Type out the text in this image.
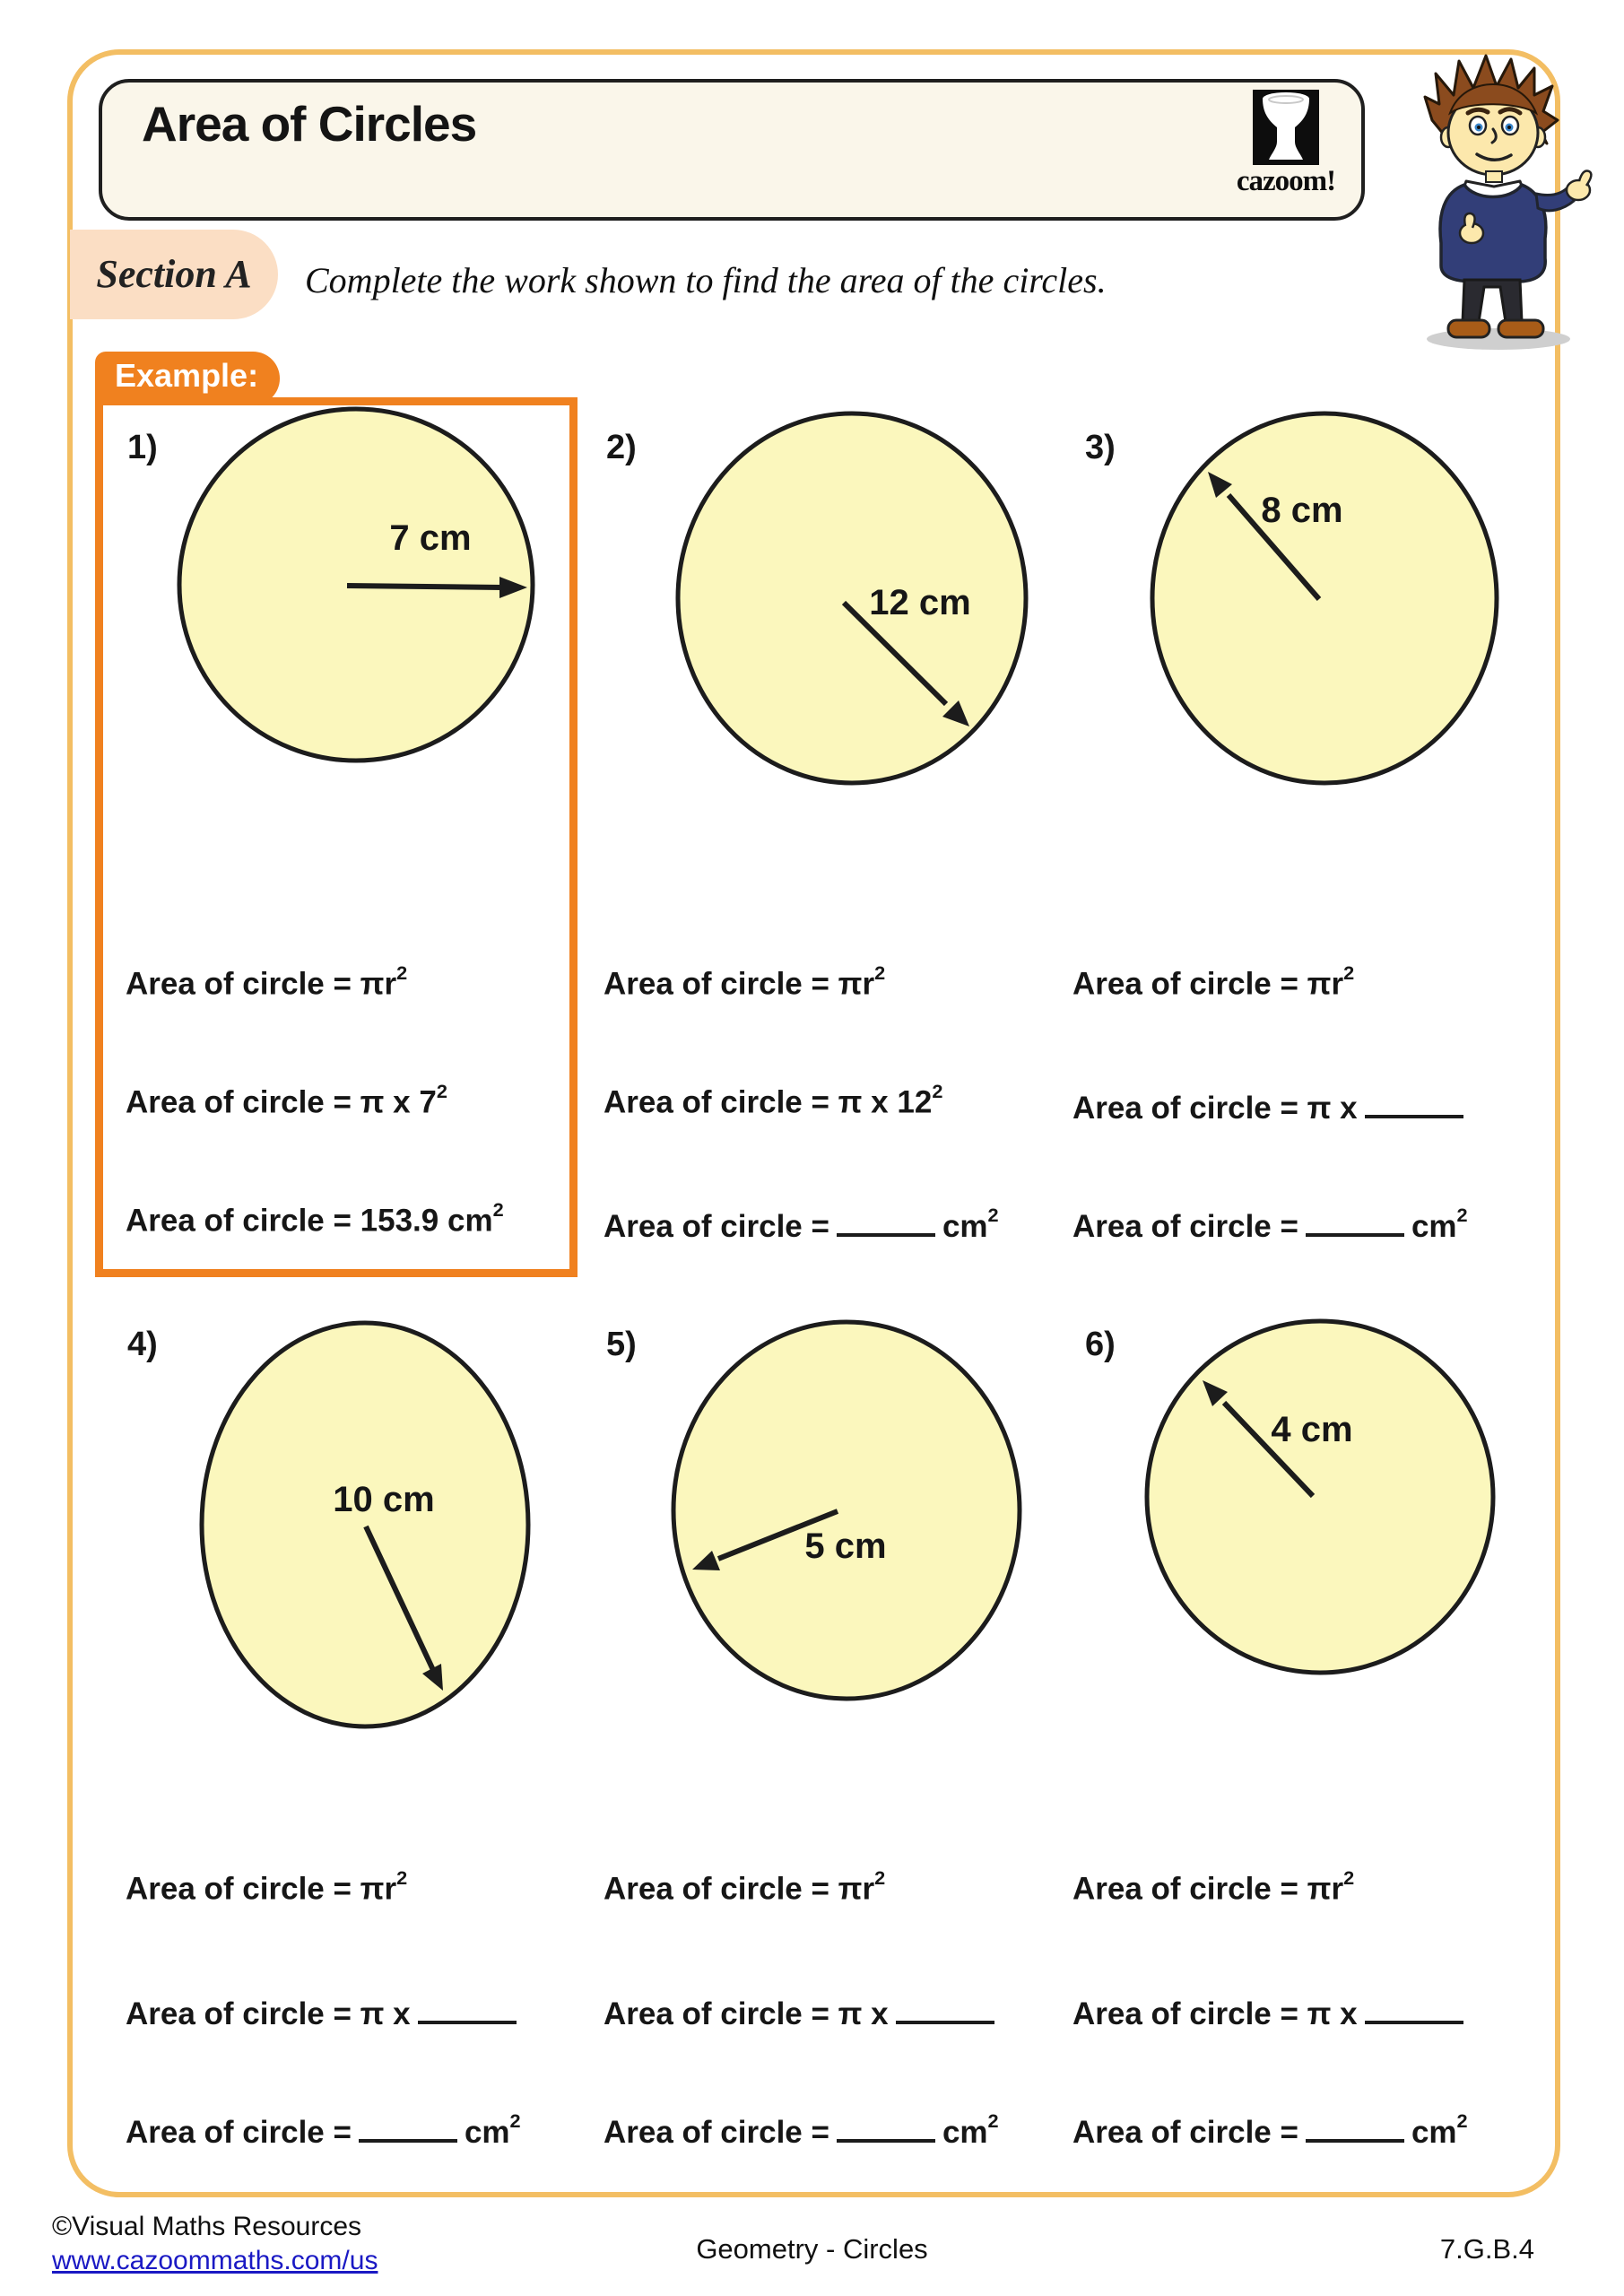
Area of Circles
cazoom!
Section A	Complete the work shown to find the area of the circles.
Example:
1)	2)	3)
4)	5)	6)
7 cm
12 cm
8 cm
10 cm
5 cm
4 cm
Area of circle = $\pi r^2$
Area of circle = π x $7^2$
Area of circle = 153.9 $cm^2$
Area of circle = $\pi r^2$
Area of circle = π x $12^2$
Area of circle =	$cm^2$
Area of circle = $\pi r^2$
Area of circle = π x
Area of circle =	$cm^2$
Area of circle = $\pi r^2$
Area of circle = π x
Area of circle =	$cm^2$
Area of circle = $\pi r^2$
Area of circle = π x
Area of circle =	$cm^2$
Area of circle = $\pi r^2$
Area of circle = π x
Area of circle =	$cm^2$
©Visual Maths Resources
www.cazoommaths.com/us	Geometry - Circles	7.G.B.4
